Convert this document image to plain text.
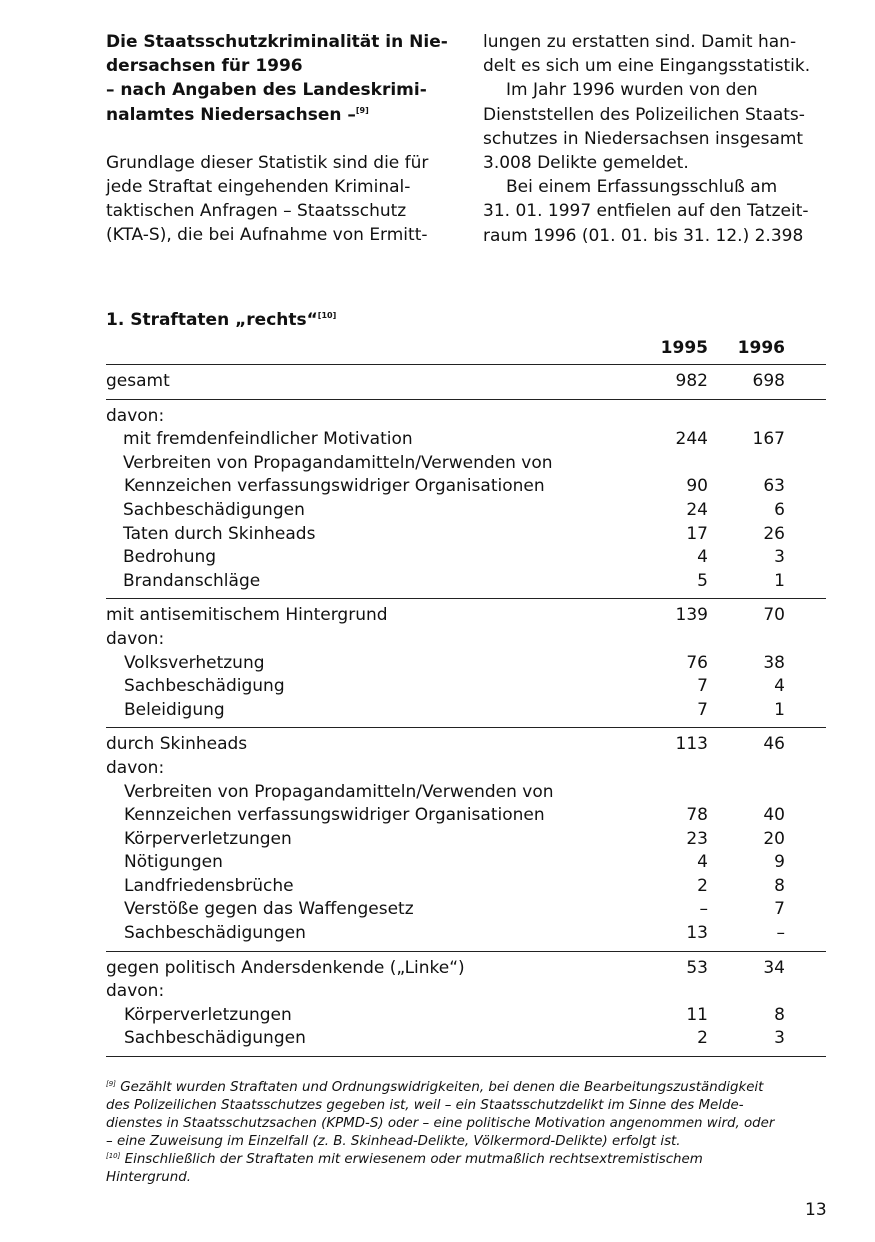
Die Staatsschutzkriminalität in Nie-
dersachsen für 1996
– nach Angaben des Landeskrimi-
nalamtes Niedersachsen –[9]
Grundlage dieser Statistik sind die für
jede Straftat eingehenden Kriminal-
taktischen Anfragen – Staatsschutz
(KTA-S), die bei Aufnahme von Ermitt-
lungen zu erstatten sind. Damit han-
delt es sich um eine Eingangsstatistik.
Im Jahr 1996 wurden von den
Dienststellen des Polizeilichen Staats-
schutzes in Niedersachsen insgesamt
3.008 Delikte gemeldet.
Bei einem Erfassungsschluß am
31. 01. 1997 entfielen auf den Tatzeit-
raum 1996 (01. 01. bis 31. 12.) 2.398
1. Straftaten „rechts“[10]
1995	1996
gesamt	982	698
davon:
mit fremdenfeindlicher Motivation	244	167
Verbreiten von Propagandamitteln/Verwenden von
Kennzeichen verfassungswidriger Organisationen	90	63
Sachbeschädigungen	24	6
Taten durch Skinheads	17	26
Bedrohung	4	3
Brandanschläge	5	1
mit antisemitischem Hintergrund	139	70
davon:
Volksverhetzung	76	38
Sachbeschädigung	7	4
Beleidigung	7	1
durch Skinheads	113	46
davon:
Verbreiten von Propagandamitteln/Verwenden von
Kennzeichen verfassungswidriger Organisationen	78	40
Körperverletzungen	23	20
Nötigungen	4	9
Landfriedensbrüche	2	8
Verstöße gegen das Waffengesetz	–	7
Sachbeschädigungen	13	–
gegen politisch Andersdenkende („Linke“)	53	34
davon:
Körperverletzungen	11	8
Sachbeschädigungen	2	3
[9] Gezählt wurden Straftaten und Ordnungswidrigkeiten, bei denen die Bearbeitungszuständigkeit
des Polizeilichen Staatsschutzes gegeben ist, weil – ein Staatsschutzdelikt im Sinne des Melde-
dienstes in Staatsschutzsachen (KPMD-S) oder – eine politische Motivation angenommen wird, oder
– eine Zuweisung im Einzelfall (z. B. Skinhead-Delikte, Völkermord-Delikte) erfolgt ist.
[10] Einschließlich der Straftaten mit erwiesenem oder mutmaßlich rechtsextremistischem
Hintergrund.
13
